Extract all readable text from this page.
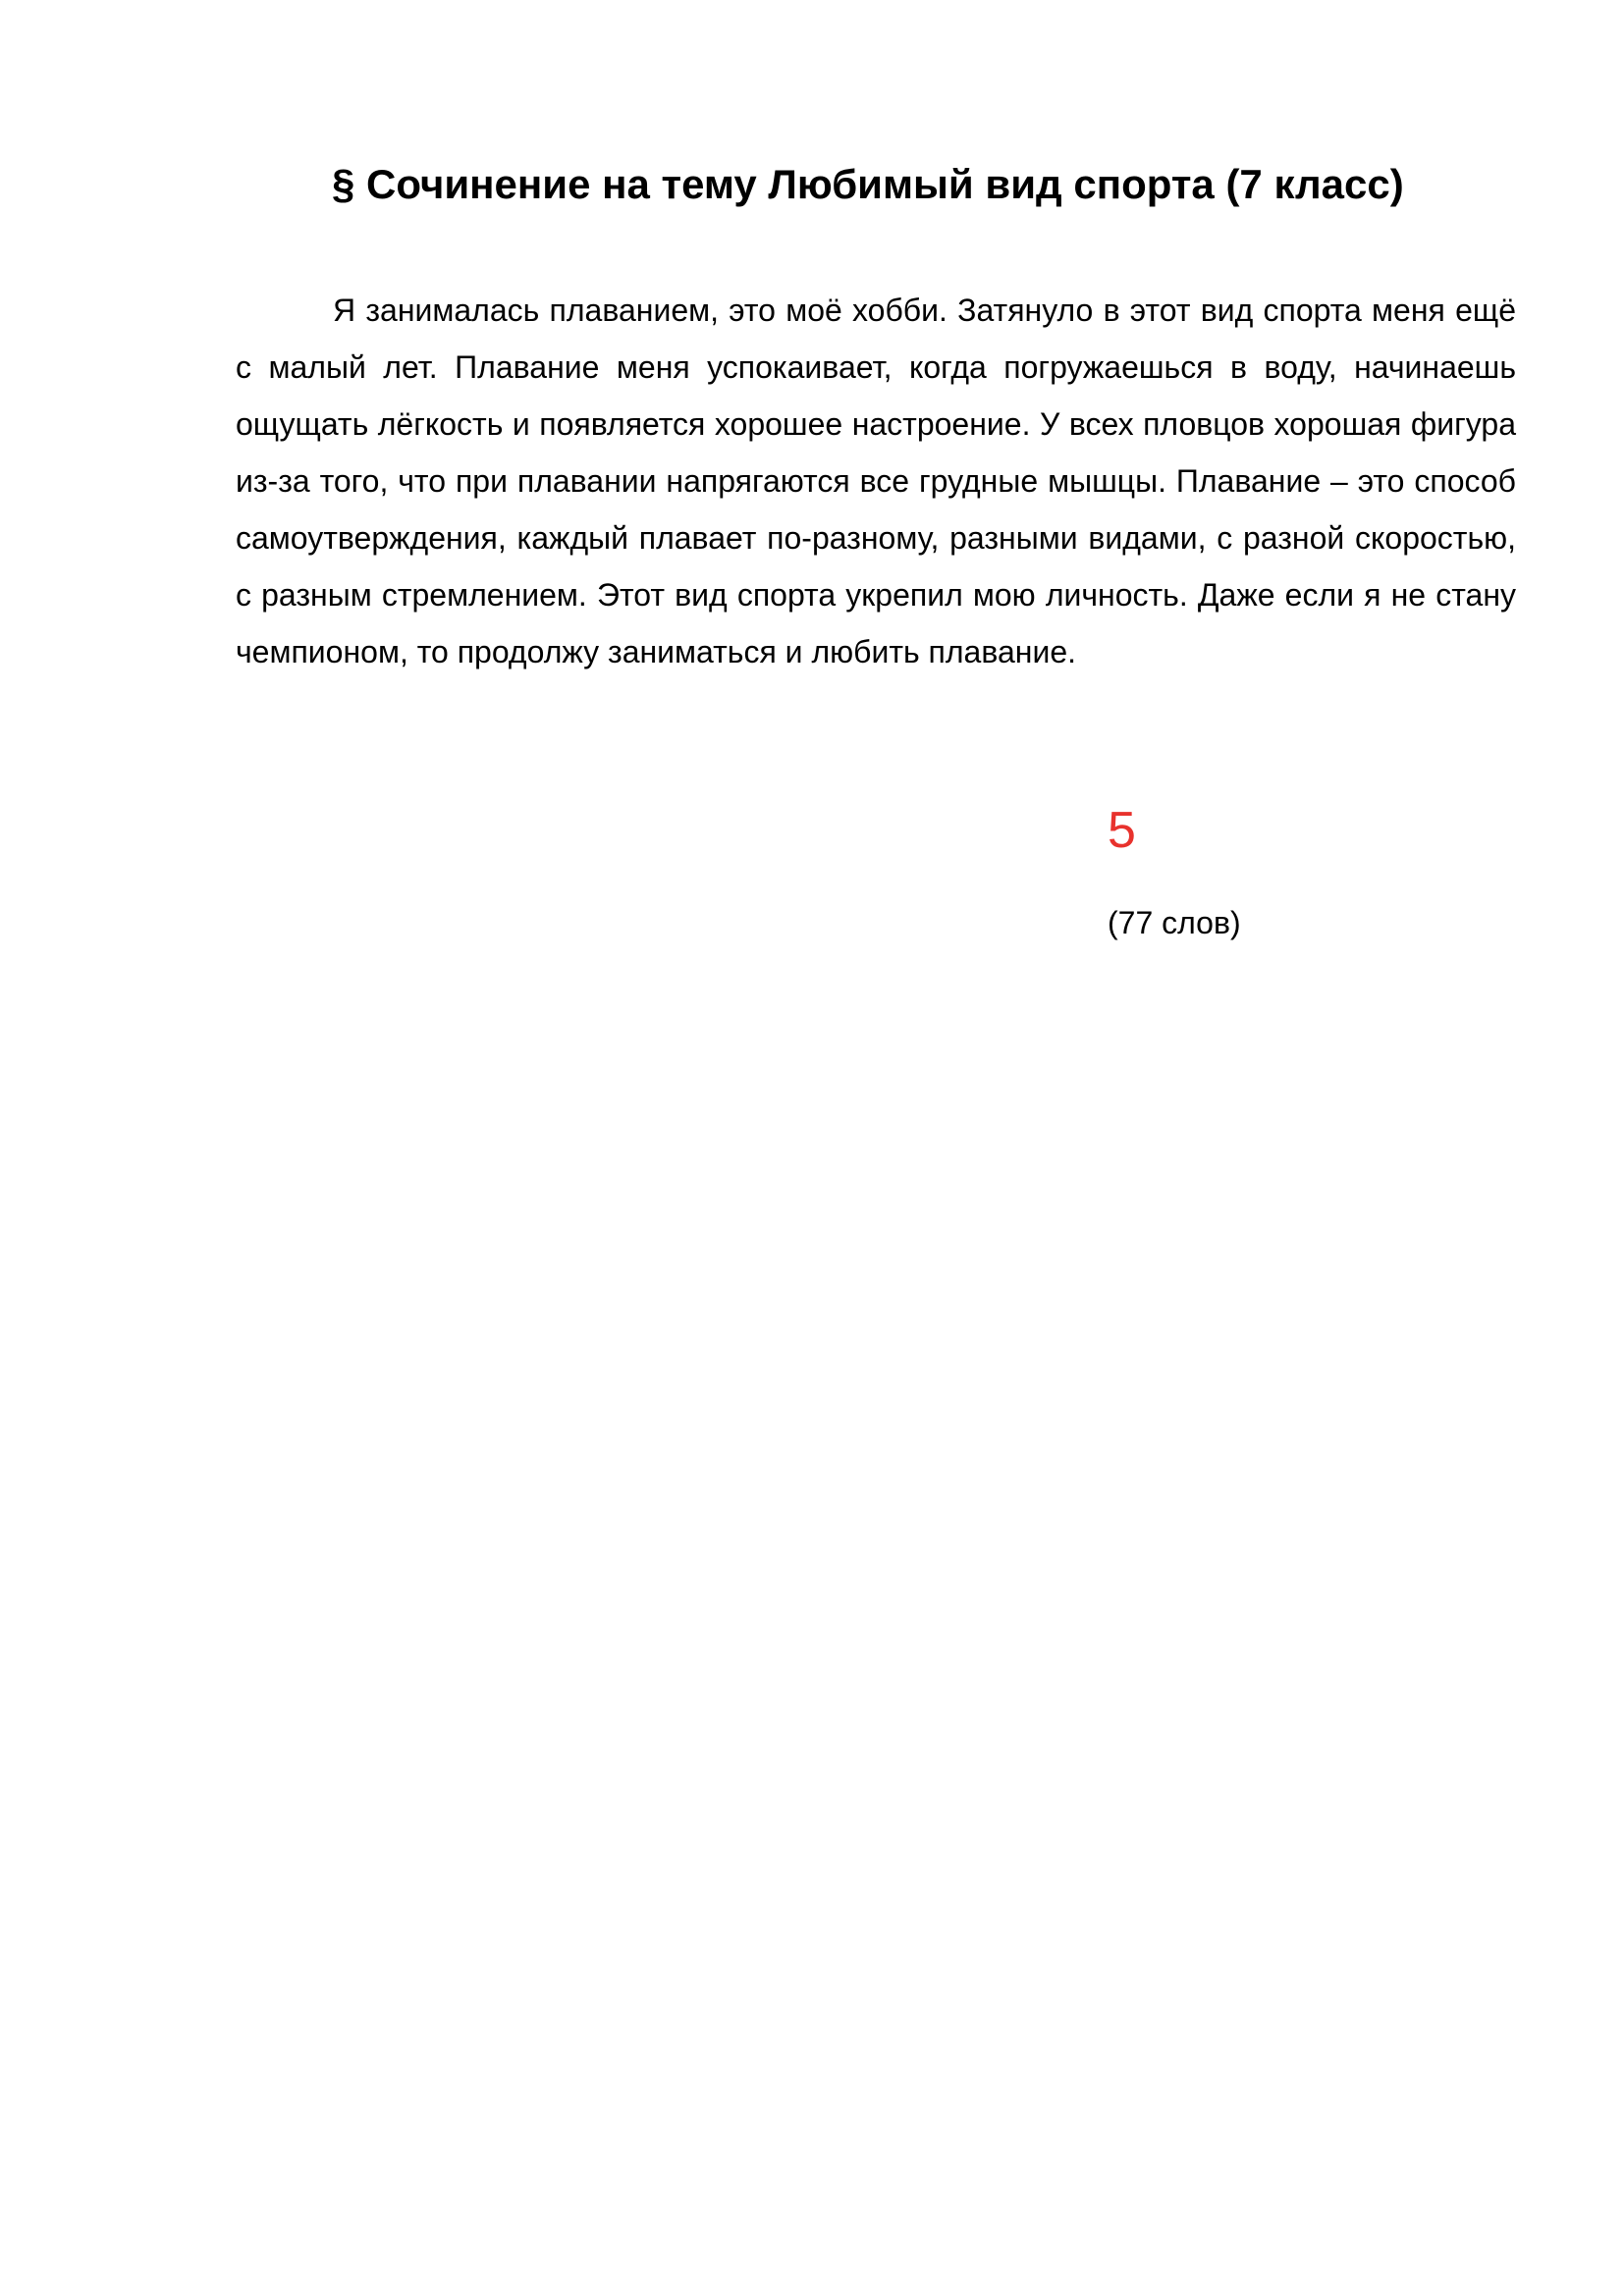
§ Сочинение на тему Любимый вид спорта (7 класс)

Я занималась плаванием, это моё хобби. Затянуло в этот вид спорта меня ещё с малый лет. Плавание меня успокаивает, когда погружаешься в воду, начинаешь ощущать лёгкость и появляется хорошее настроение. У всех пловцов хорошая фигура из-за того, что при плавании напрягаются все грудные мышцы. Плавание – это способ самоутверждения, каждый плавает по-разному, разными видами, с разной скоростью, с разным стремлением. Этот вид спорта укрепил мою личность. Даже если я не стану чемпионом, то продолжу заниматься и любить плавание.

5
(77 слов)
